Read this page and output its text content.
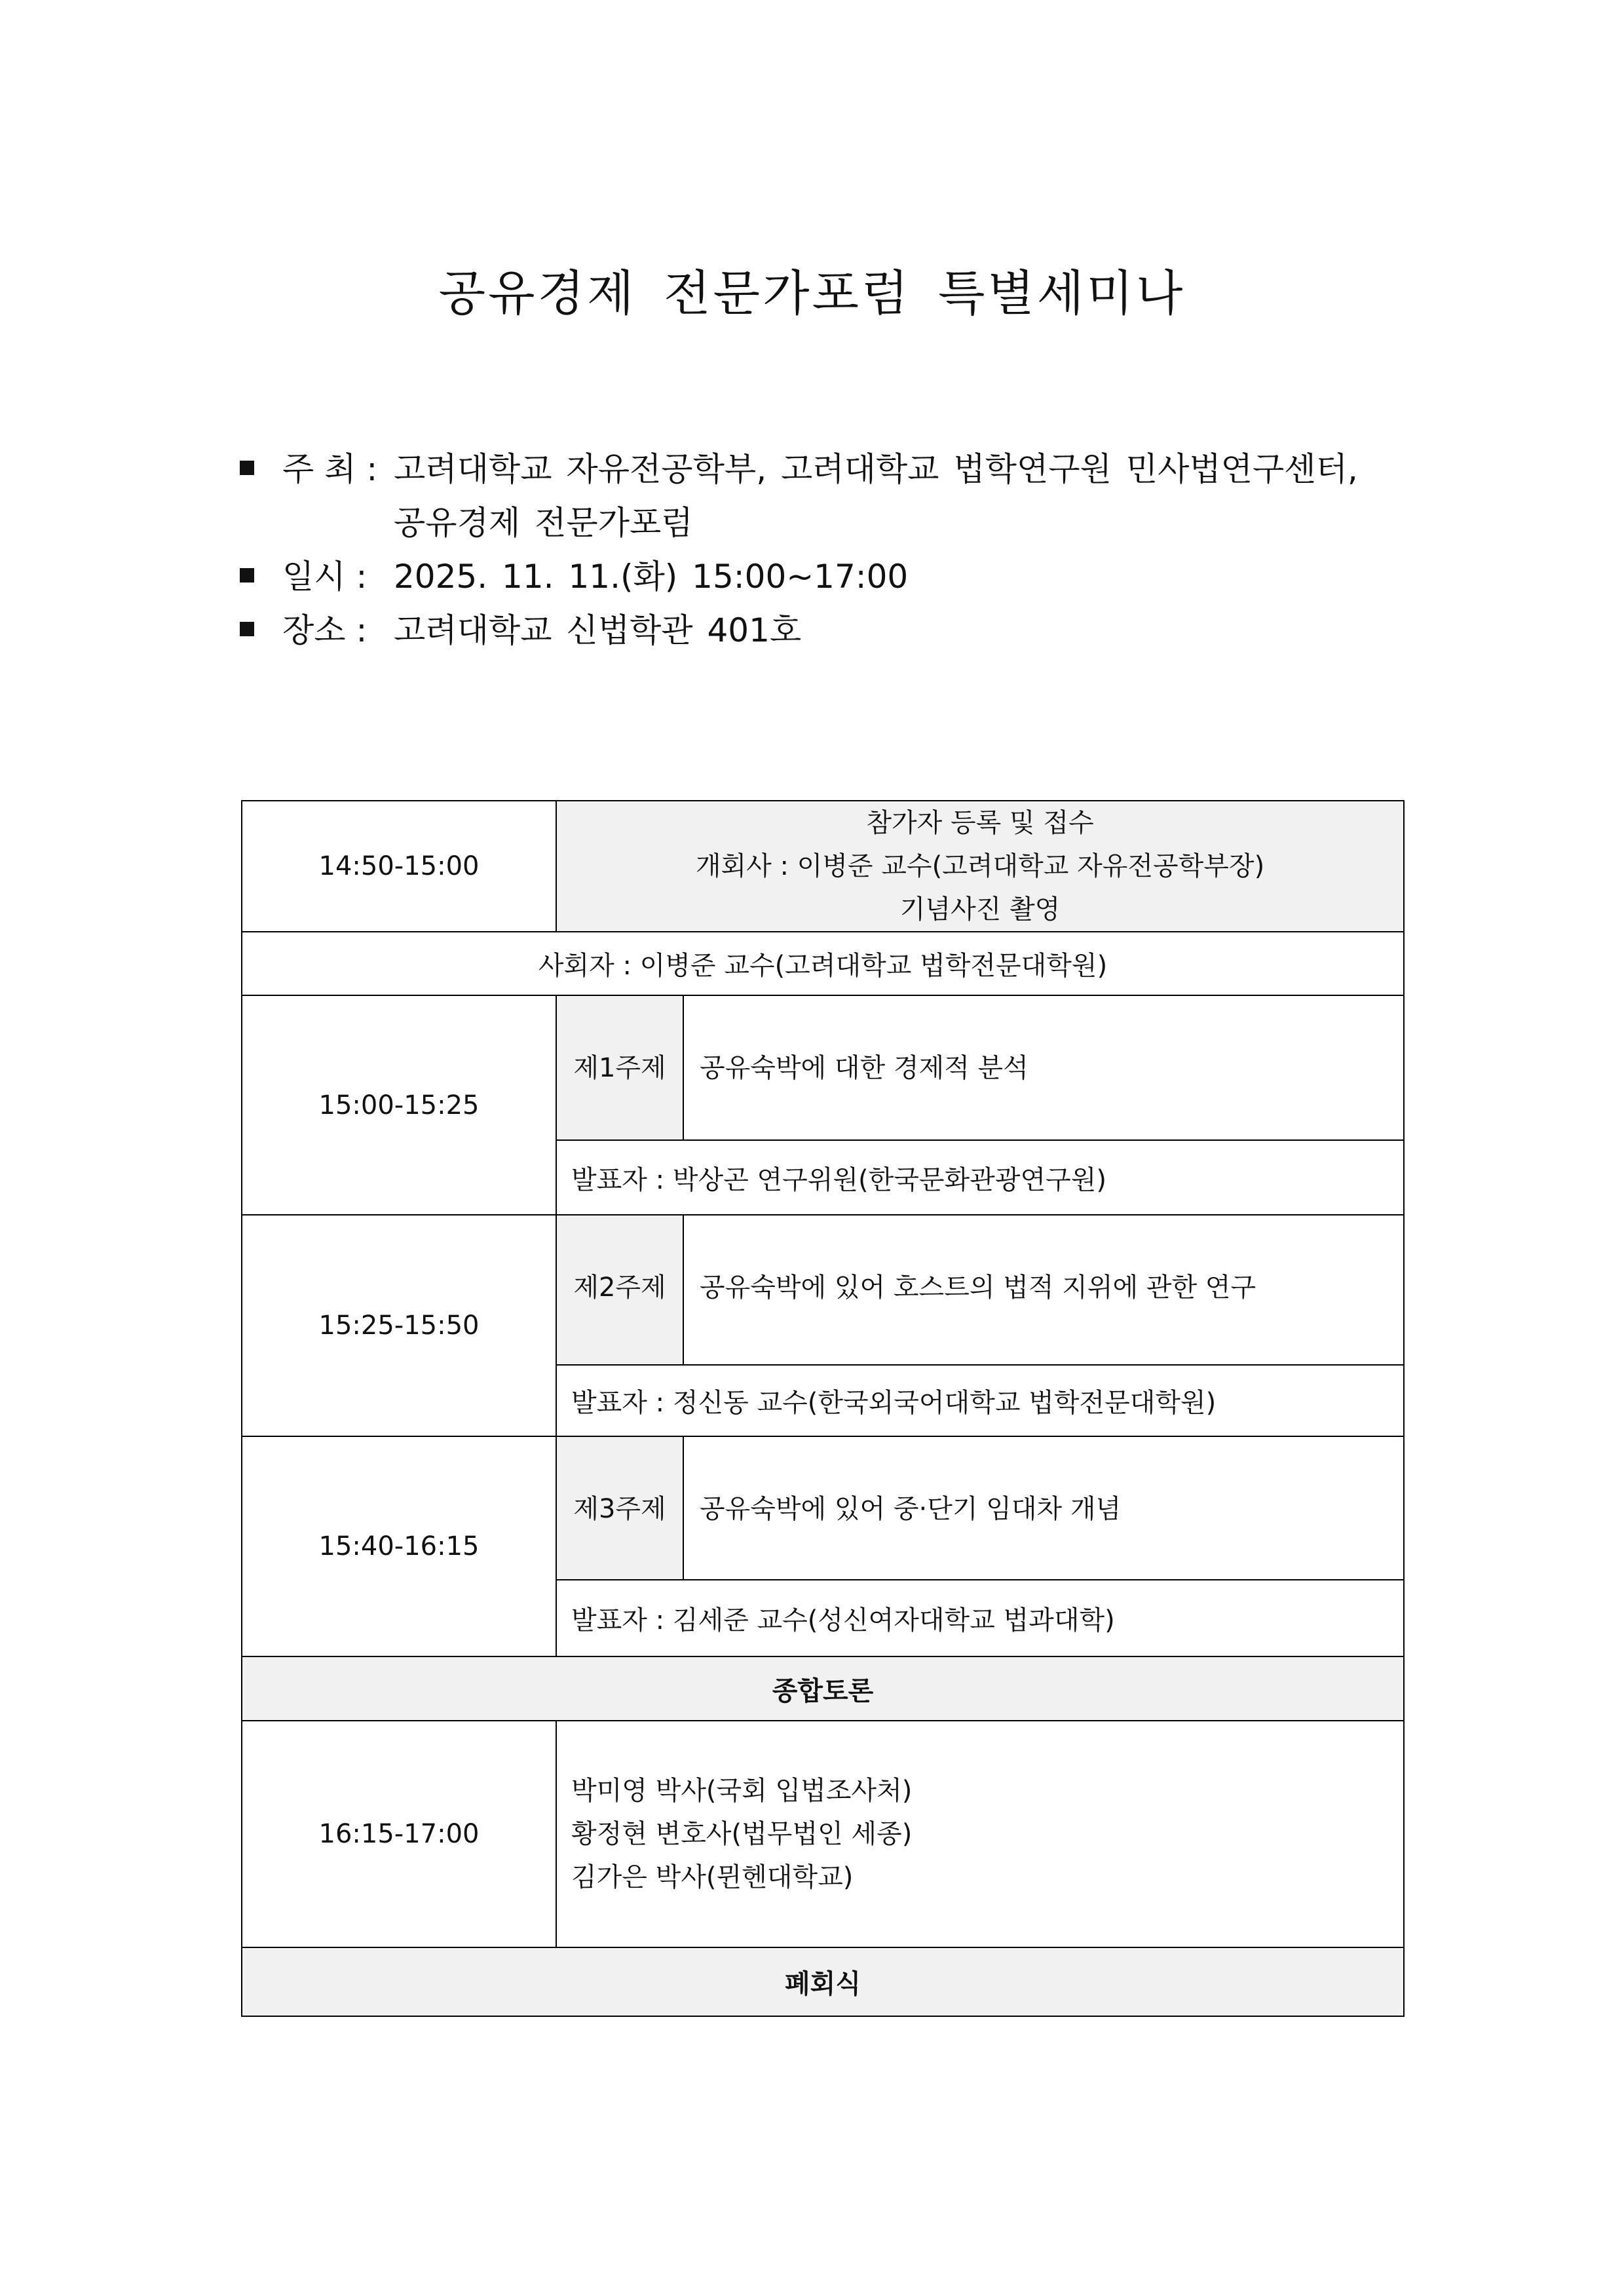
공유경제 전문가포럼 특별세미나
주 최 : 고려대학교 자유전공학부, 고려대학교 법학연구원 민사법연구센터,
공유경제 전문가포럼
일시 : 2025. 11. 11.(화) 15:00~17:00
장소 : 고려대학교 신법학관 401호
14:50-15:00	참가자 등록 및 접수
개회사 : 이병준 교수(고려대학교 자유전공학부장)
기념사진 촬영	

사회자 : 이병준 교수(고려대학교 법학전문대학원)		
15:00-15:25	제1주제	공유숙박에 대한 경제적 분석

	발표자 : 박상곤 연구위원(한국문화관광연구원)	
15:25-15:50	제2주제	공유숙박에 있어 호스트의 법적 지위에 관한 연구

	발표자 : 정신동 교수(한국외국어대학교 법학전문대학원)	
15:40-16:15	제3주제	공유숙박에 있어 중·단기 임대차 개념

	발표자 : 김세준 교수(성신여자대학교 법과대학)	
종합토론		
16:15-17:00	박미영 박사(국회 입법조사처)
황정현 변호사(법무법인 세종)
김가은 박사(뮌헨대학교)	

폐회식		
